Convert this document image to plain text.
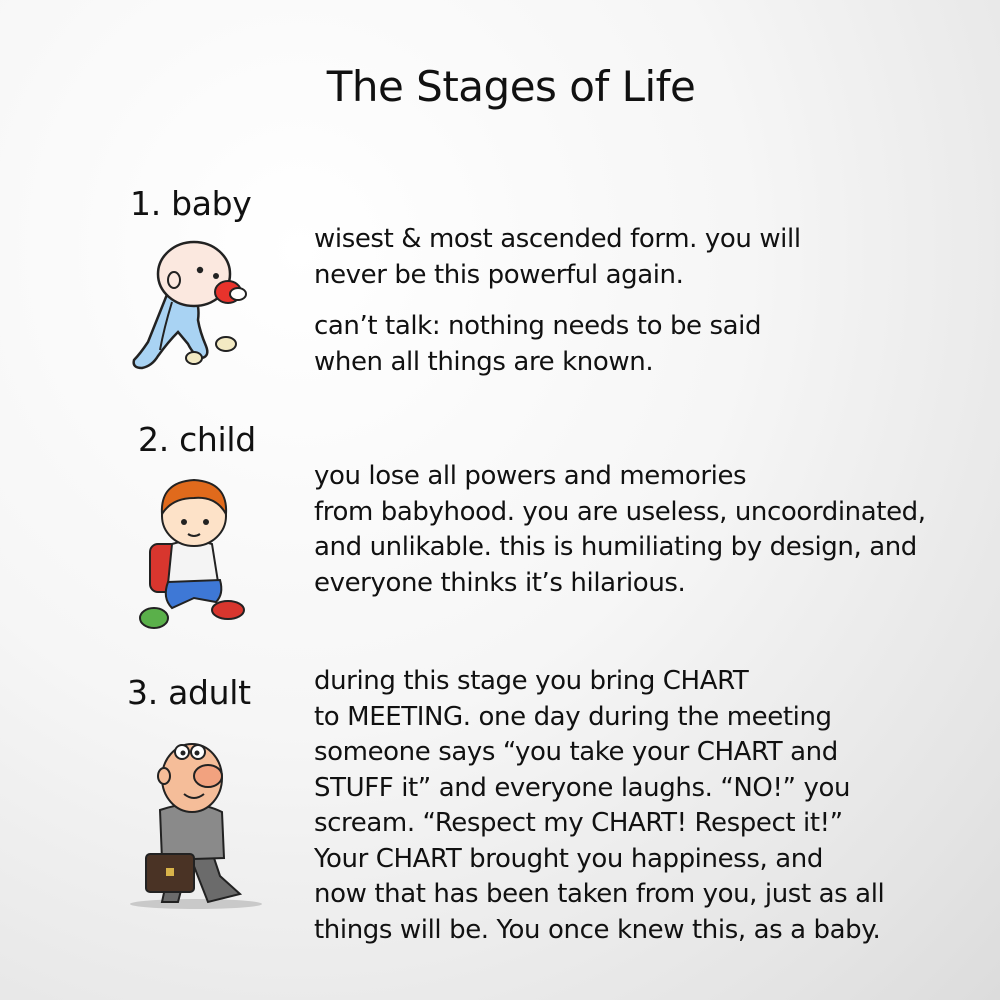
The Stages of Life
1. baby

wisest & most ascended form. you will
never be this powerful again.

can’t talk: nothing needs to be said
when all things are known.

2. child

you lose all powers and memories
from babyhood. you are useless, uncoordinated,
and unlikable. this is humiliating by design, and
everyone thinks it’s hilarious.

3. adult during this stage you bring CHART
to MEETING. one day during the meeting
someone says “you take your CHART and
STUFF it” and everyone laughs. “NO!” you
scream. “Respect my CHART! Respect it!”
Your CHART brought you happiness, and
now that has been taken from you, just as all
things will be. You once knew this, as a baby.
